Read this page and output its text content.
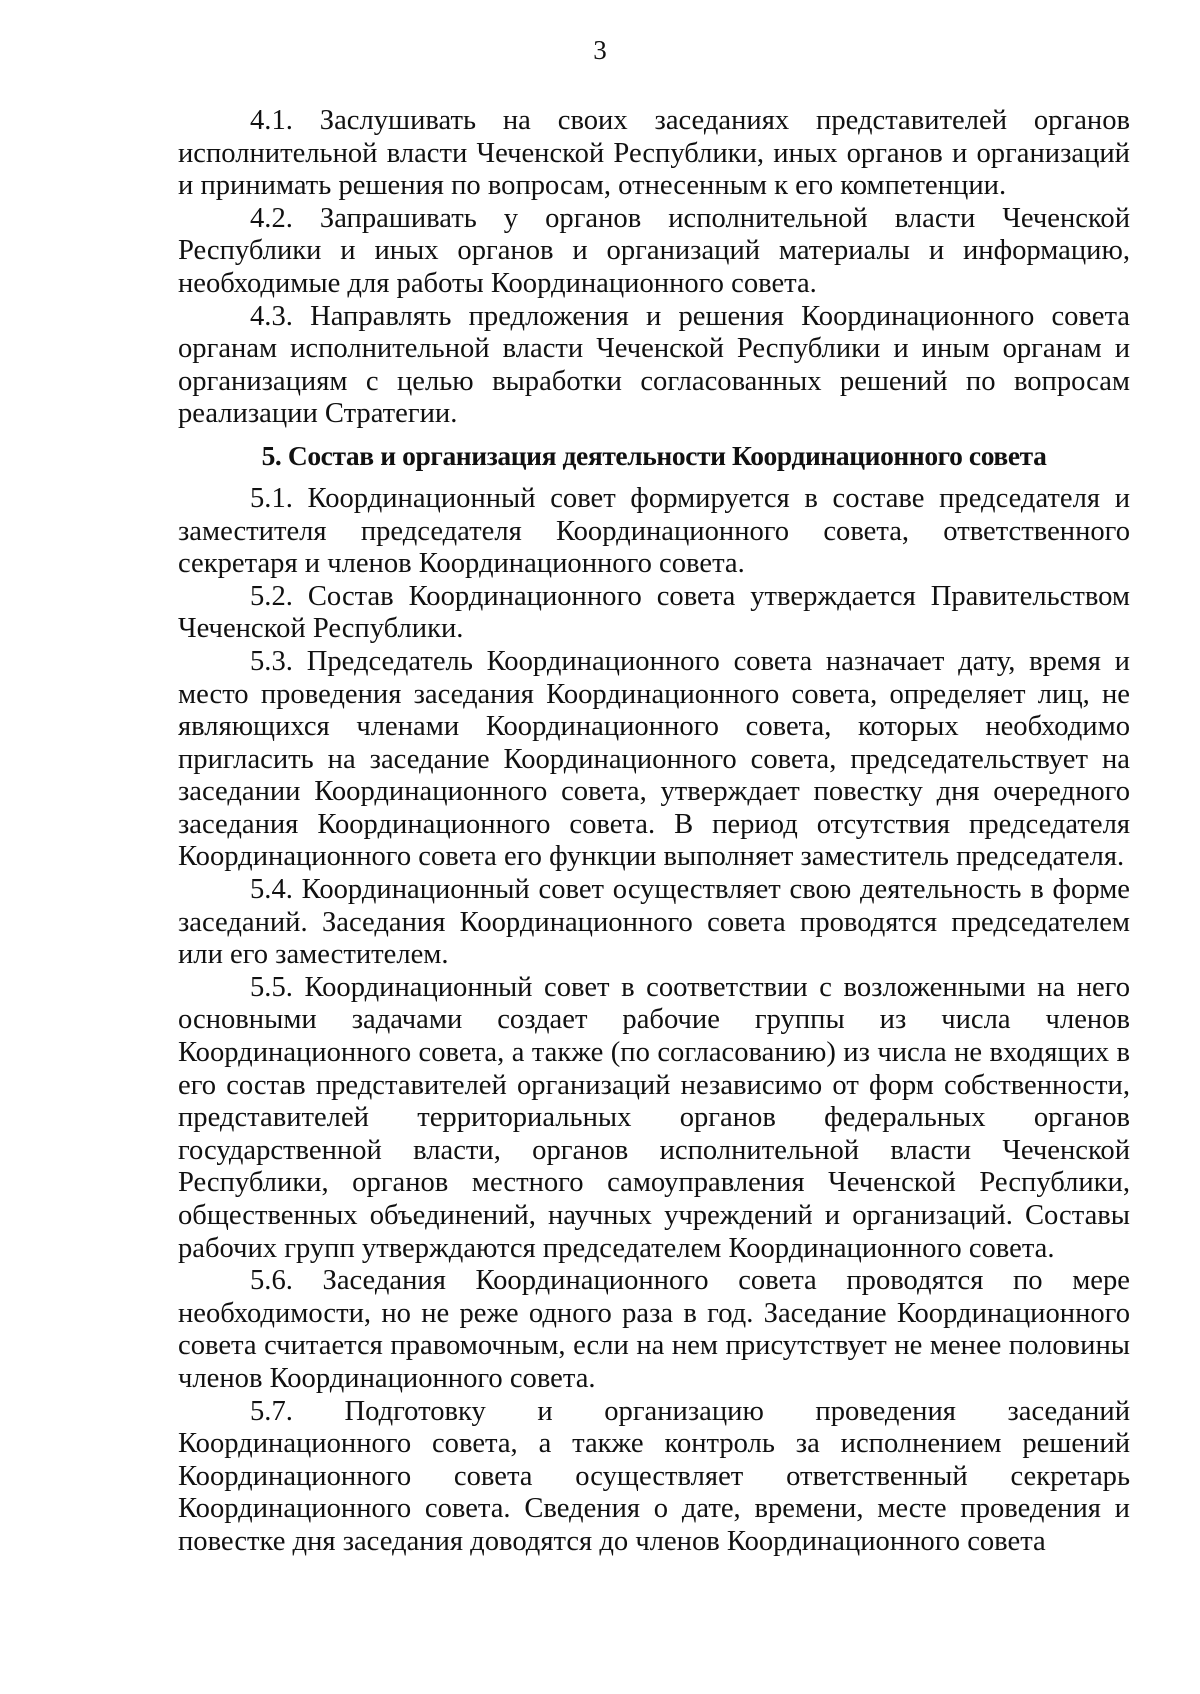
3

4.1. Заслушивать на своих заседаниях представителей органов исполнительной власти Чеченской Республики, иных органов и организаций и принимать решения по вопросам, отнесенным к его компетенции.

4.2. Запрашивать у органов исполнительной власти Чеченской Республики и иных органов и организаций материалы и информацию, необходимые для работы Координационного совета.

4.3. Направлять предложения и решения Координационного совета органам исполнительной власти Чеченской Республики и иным органам и организациям с целью выработки согласованных решений по вопросам реализации Стратегии.

5. Состав и организация деятельности Координационного совета

5.1. Координационный совет формируется в составе председателя и заместителя председателя Координационного совета, ответственного секретаря и членов Координационного совета.

5.2. Состав Координационного совета утверждается Правительством Чеченской Республики.

5.3. Председатель Координационного совета назначает дату, время и место проведения заседания Координационного совета, определяет лиц, не являющихся членами Координационного совета, которых необходимо пригласить на заседание Координационного совета, председательствует на заседании Координационного совета, утверждает повестку дня очередного заседания Координационного совета. В период отсутствия председателя Координационного совета его функции выполняет заместитель председателя.

5.4. Координационный совет осуществляет свою деятельность в форме заседаний. Заседания Координационного совета проводятся председателем или его заместителем.

5.5. Координационный совет в соответствии с возложенными на него основными задачами создает рабочие группы из числа членов Координационного совета, а также (по согласованию) из числа не входящих в его состав представителей организаций независимо от форм собственности, представителей территориальных органов федеральных органов государственной власти, органов исполнительной власти Чеченской Республики, органов местного самоуправления Чеченской Республики, общественных объединений, научных учреждений и организаций. Составы рабочих групп утверждаются председателем Координационного совета.

5.6. Заседания Координационного совета проводятся по мере необходимости, но не реже одного раза в год. Заседание Координационного совета считается правомочным, если на нем присутствует не менее половины членов Координационного совета.

5.7. Подготовку и организацию проведения заседаний Координационного совета, а также контроль за исполнением решений Координационного совета осуществляет ответственный секретарь Координационного совета. Сведения о дате, времени, месте проведения и повестке дня заседания доводятся до членов Координационного совета
